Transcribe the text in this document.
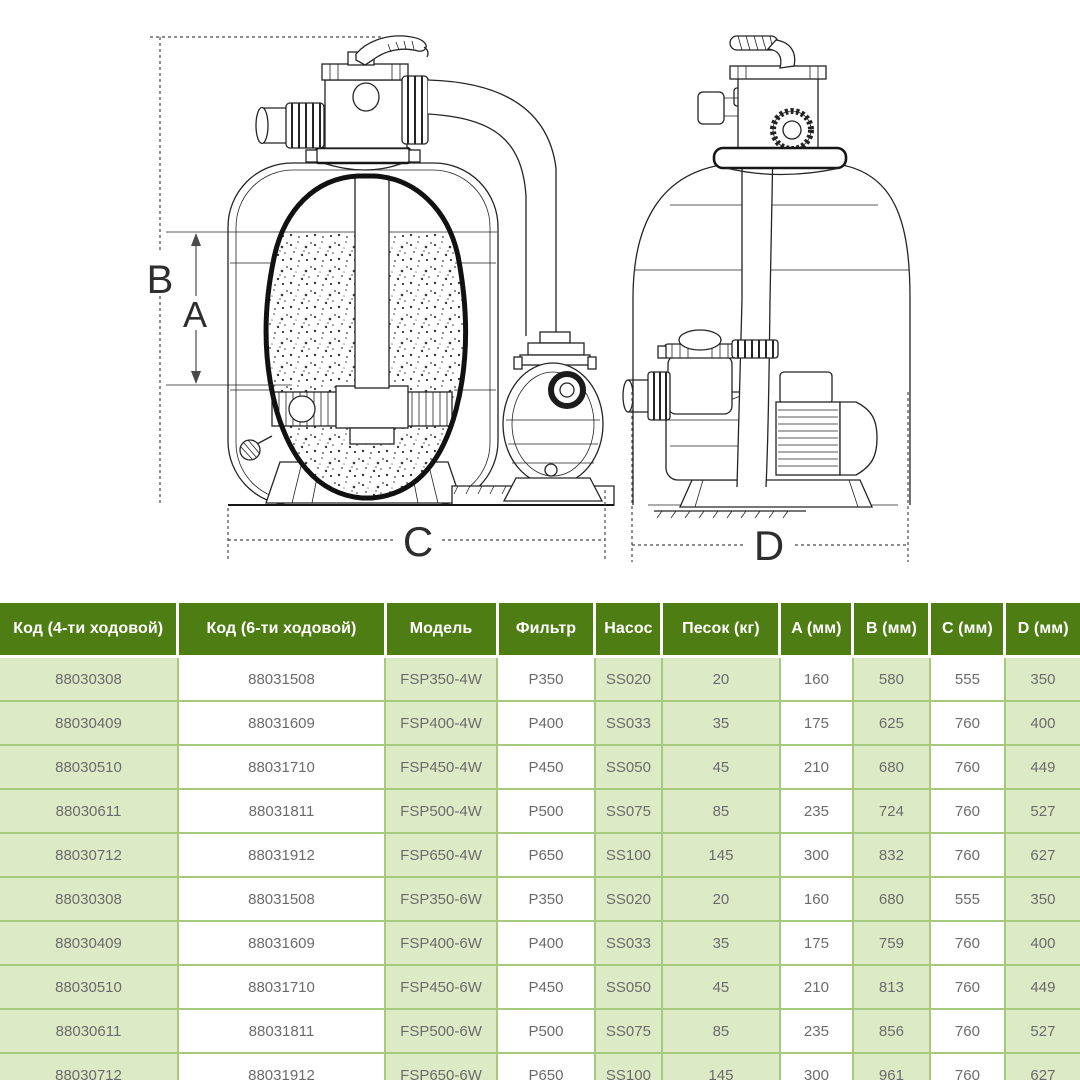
B
A
C	D
Код (4-ти ходовой)	Код (6-ти ходовой)	Модель	Фильтр	Насос	Песок (кг)	A (мм)	B (мм)	C (мм)	D (мм)
88030308	88031508	FSP350-4W	P350	SS020	20	160	580	555	350
88030409	88031609	FSP400-4W	P400	SS033	35	175	625	760	400
88030510	88031710	FSP450-4W	P450	SS050	45	210	680	760	449
88030611	88031811	FSP500-4W	P500	SS075	85	235	724	760	527
88030712	88031912	FSP650-4W	P650	SS100	145	300	832	760	627
88030308	88031508	FSP350-6W	P350	SS020	20	160	680	555	350
88030409	88031609	FSP400-6W	P400	SS033	35	175	759	760	400
88030510	88031710	FSP450-6W	P450	SS050	45	210	813	760	449
88030611	88031811	FSP500-6W	P500	SS075	85	235	856	760	527
88030712	88031912	FSP650-6W	P650	SS100	145	300	961	760	627
